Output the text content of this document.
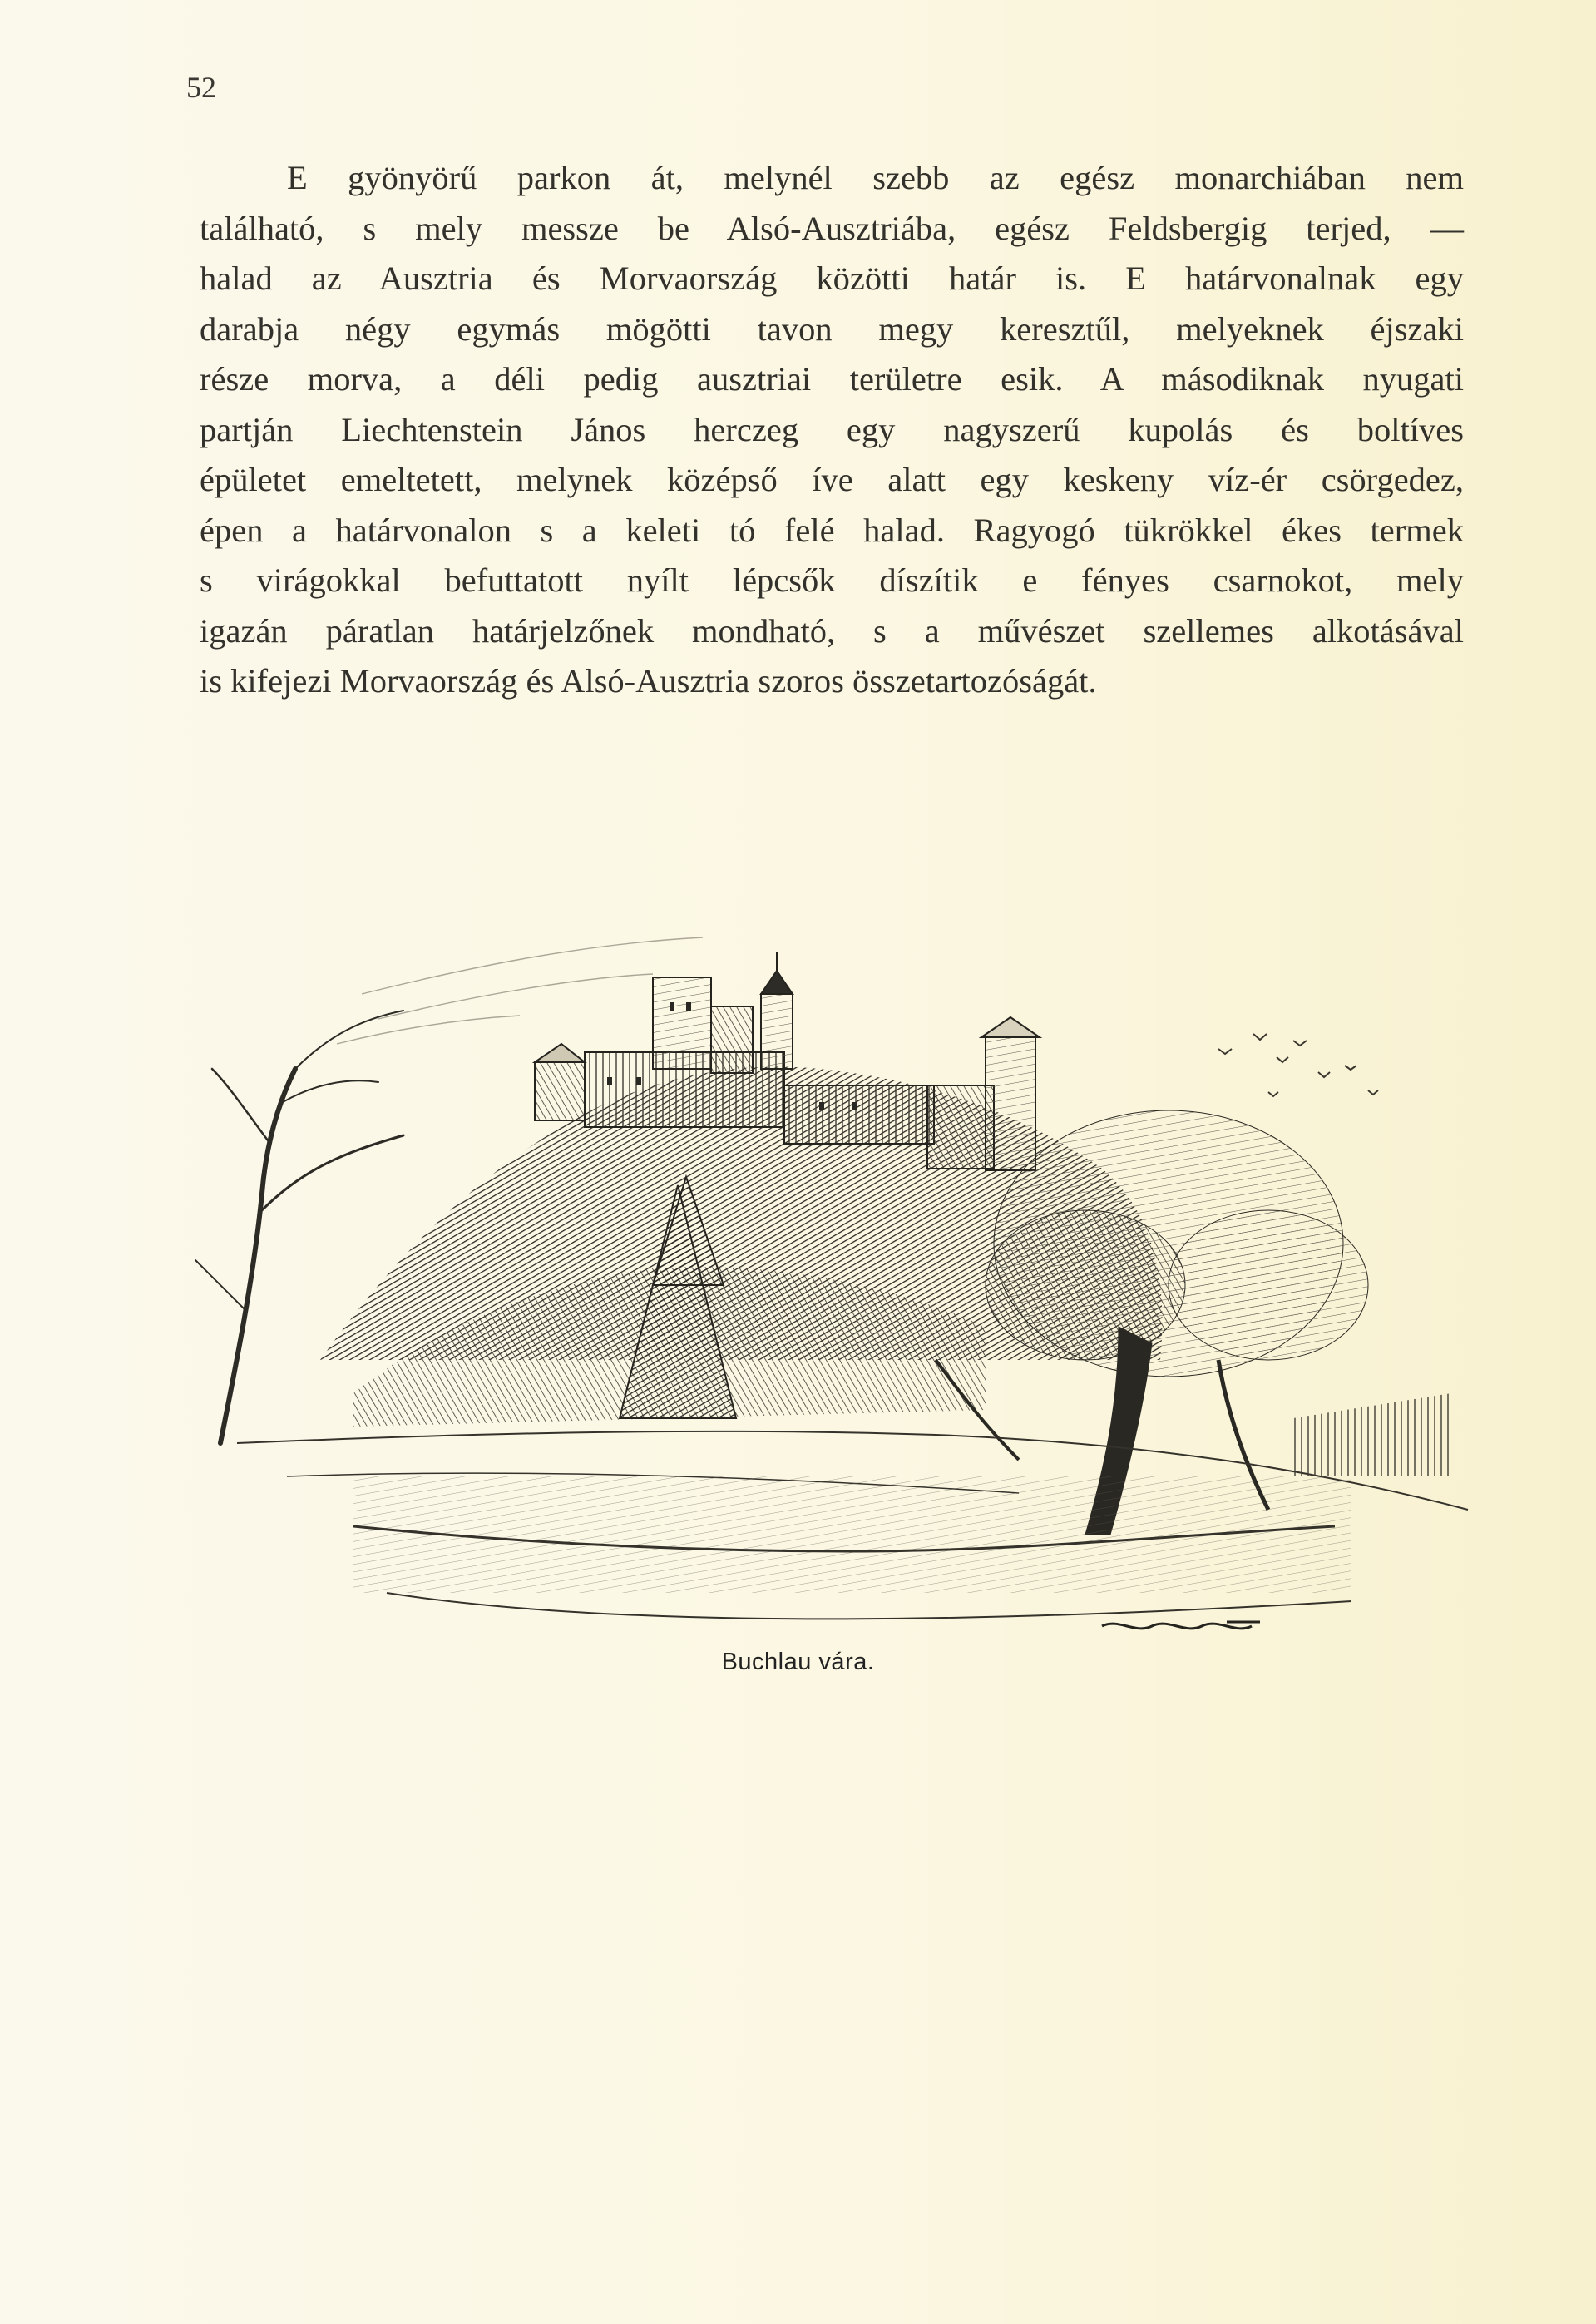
52
E gyönyörű parkon át, melynél szebb az egész monarchiában nem
található, s mely messze be Alsó-Ausztriába, egész Feldsbergig terjed, —
halad az Ausztria és Morvaország közötti határ is. E határvonalnak egy
darabja négy egymás mögötti tavon megy keresztűl, melyeknek éjszaki
része morva, a déli pedig ausztriai területre esik. A másodiknak nyugati
partján Liechtenstein János herczeg egy nagyszerű kupolás és boltíves
épületet emeltetett, melynek középső íve alatt egy keskeny víz-ér csörgedez,
épen a határvonalon s a keleti tó felé halad. Ragyogó tükrökkel ékes termek
s virágokkal befuttatott nyílt lépcsők díszítik e fényes csarnokot, mely
igazán páratlan határjelzőnek mondható, s a művészet szellemes alkotásával
is kifejezi Morvaország és Alsó-Ausztria szoros összetartozóságát.
Buchlau vára.
